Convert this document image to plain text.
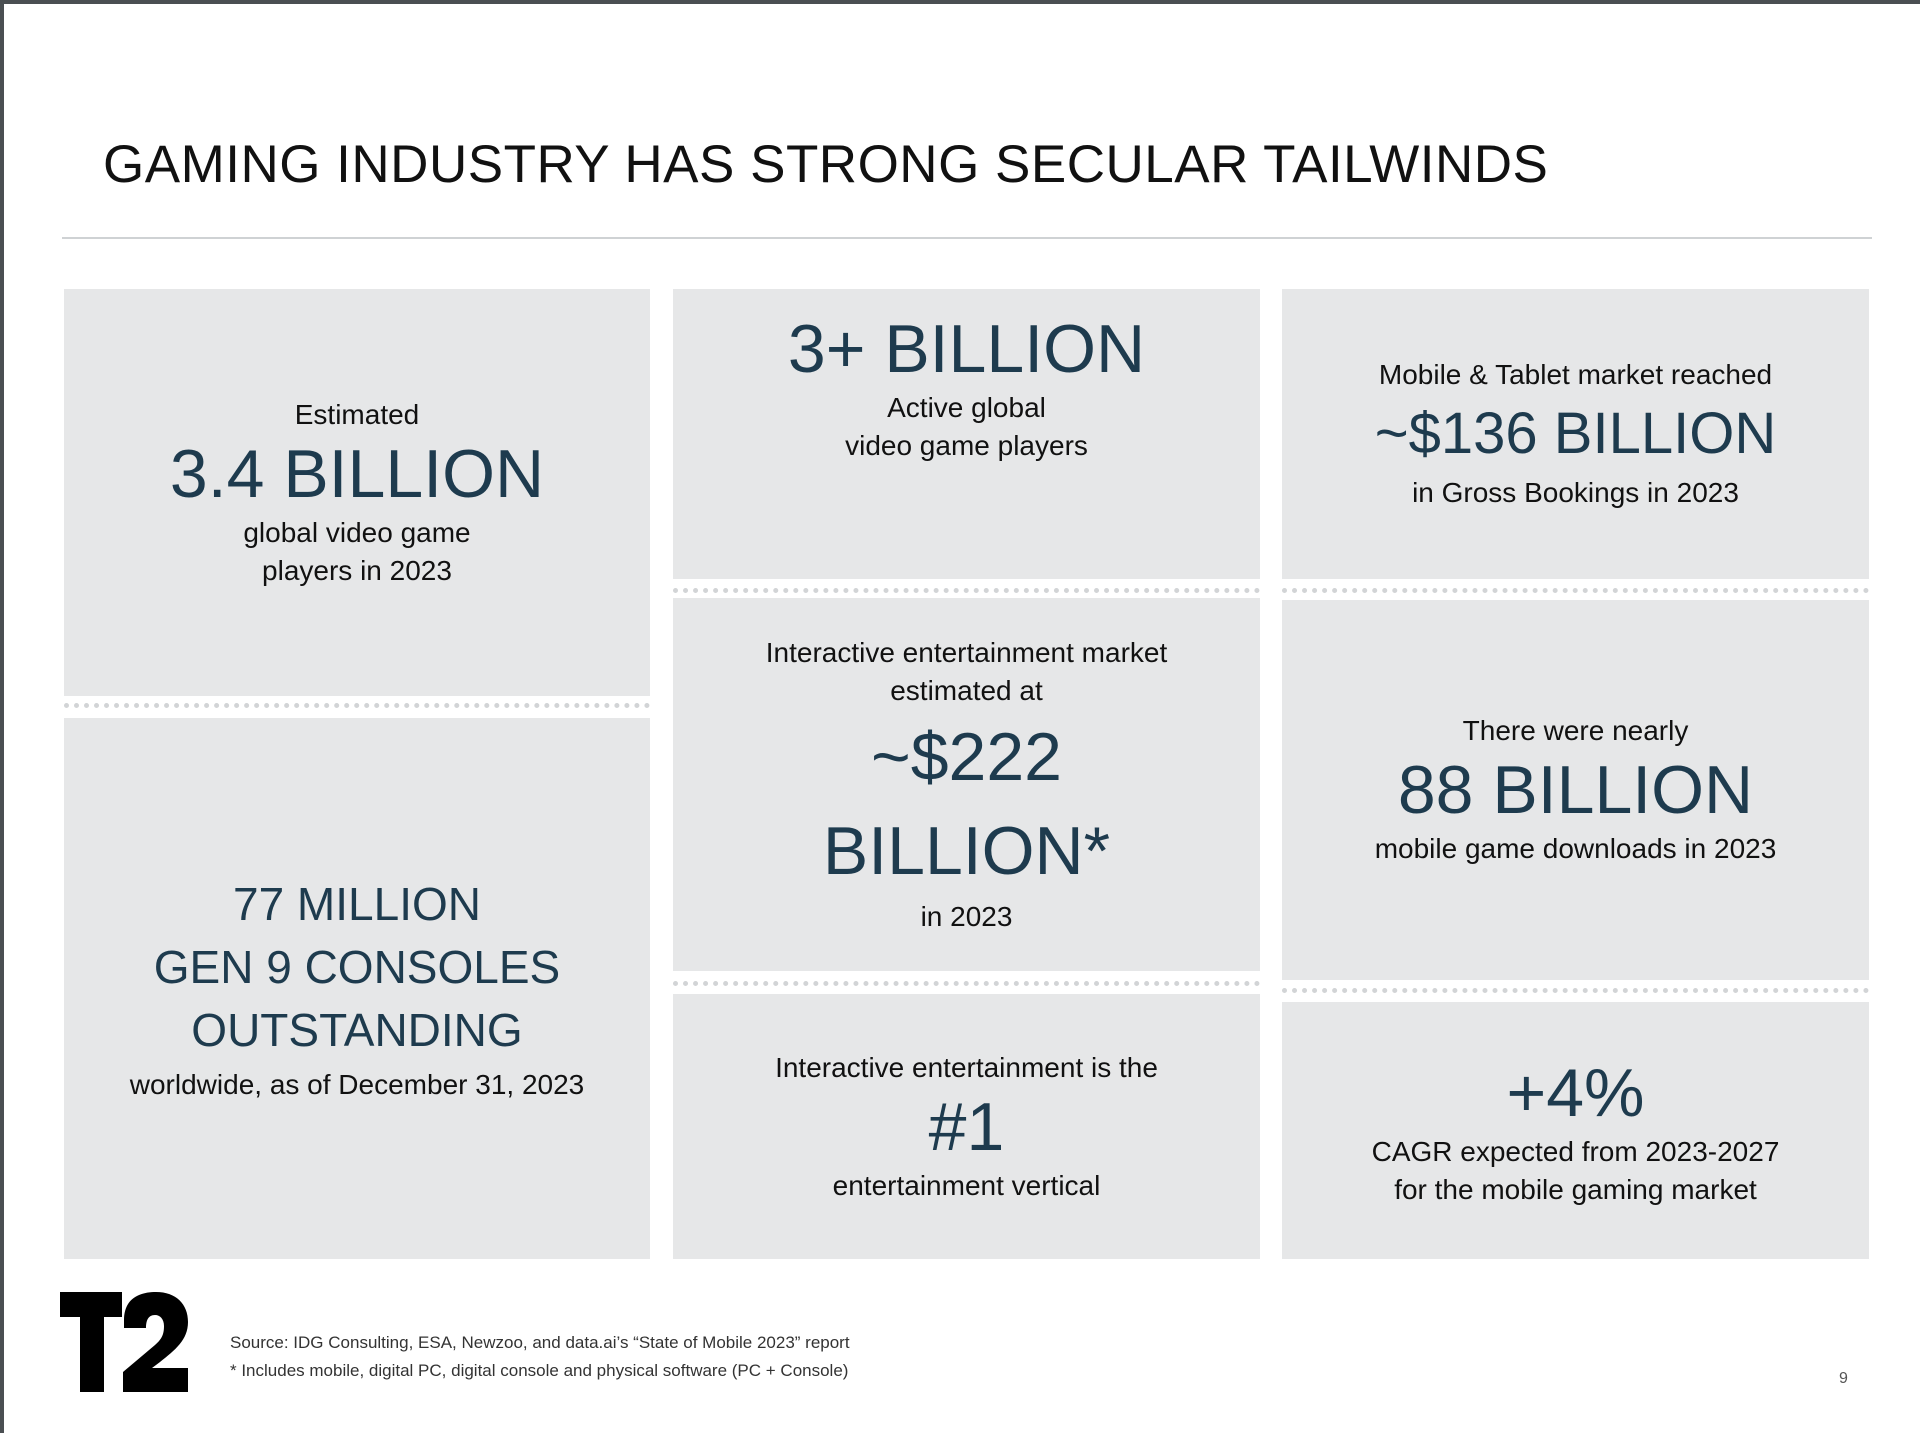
GAMING INDUSTRY HAS STRONG SECULAR TAILWINDS
Estimated
3.4 BILLION
global video game
players in 2023
77 MILLION
GEN 9 CONSOLES
OUTSTANDING
worldwide, as of December 31, 2023
3+ BILLION
Active global
video game players
Interactive entertainment market
estimated at
~$222
BILLION*
in 2023
Interactive entertainment is the
#1
entertainment vertical
Mobile & Tablet market reached
~$136 BILLION
in Gross Bookings in 2023
There were nearly
88 BILLION
mobile game downloads in 2023
+4%
CAGR expected from 2023-2027
for the mobile gaming market
Source: IDG Consulting, ESA, Newzoo, and data.ai’s “State of Mobile 2023” report
* Includes mobile, digital PC, digital console and physical software (PC + Console)	9
